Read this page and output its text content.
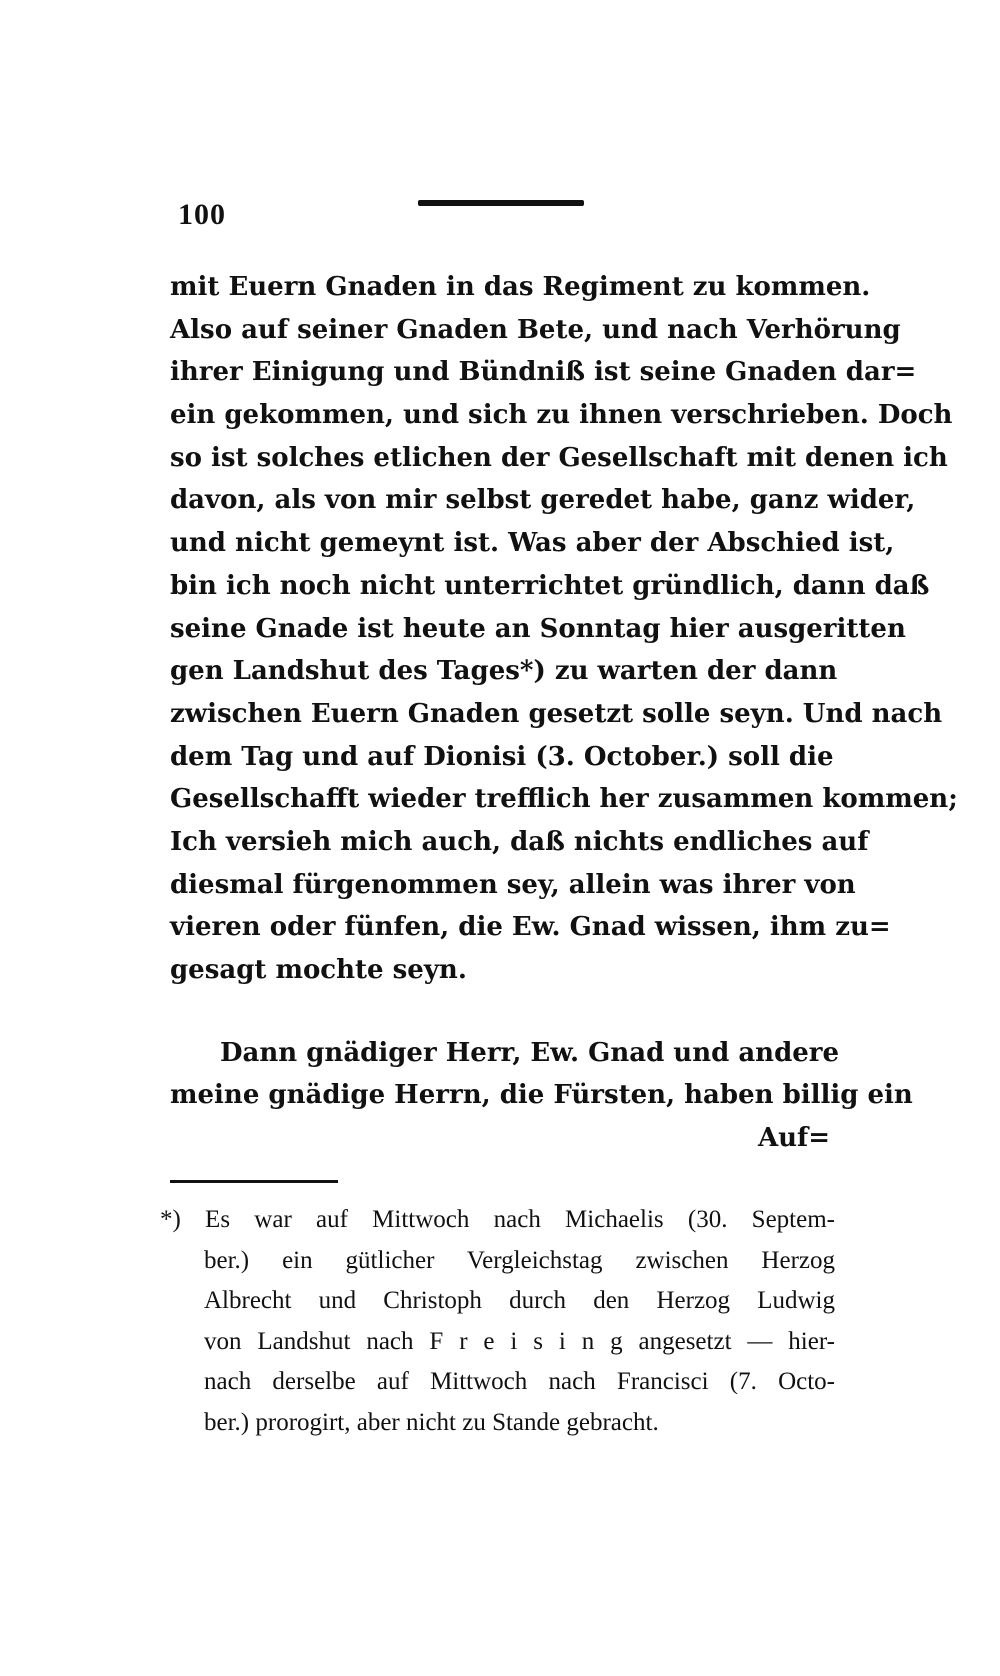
100
mit Euern Gnaden in das Regiment zu kommen.
Also auf seiner Gnaden Bete, und nach Verhörung
ihrer Einigung und Bündniß ist seine Gnaden dar=
ein gekommen, und sich zu ihnen verschrieben. Doch
so ist solches etlichen der Gesellschaft mit denen ich
davon, als von mir selbst geredet habe, ganz wider,
und nicht gemeynt ist. Was aber der Abschied ist,
bin ich noch nicht unterrichtet gründlich, dann daß
seine Gnade ist heute an Sonntag hier ausgeritten
gen Landshut des Tages*) zu warten der dann
zwischen Euern Gnaden gesetzt solle seyn. Und nach
dem Tag und auf Dionisi (3. October.) soll die
Gesellschafft wieder trefflich her zusammen kommen;
Ich versieh mich auch, daß nichts endliches auf
diesmal fürgenommen sey, allein was ihrer von
vieren oder fünfen, die Ew. Gnad wissen, ihm zu=
gesagt mochte seyn.
Dann gnädiger Herr, Ew. Gnad und andere
meine gnädige Herrn, die Fürsten, haben billig ein
Auf=
*) Es war auf Mittwoch nach Michaelis (30. Septem-
ber.) ein gütlicher Vergleichstag zwischen Herzog
Albrecht und Christoph durch den Herzog Ludwig
von Landshut nach F r e i s i n g angesetzt — hier-
nach derselbe auf Mittwoch nach Francisci (7. Octo-
ber.) prorogirt, aber nicht zu Stande gebracht.
